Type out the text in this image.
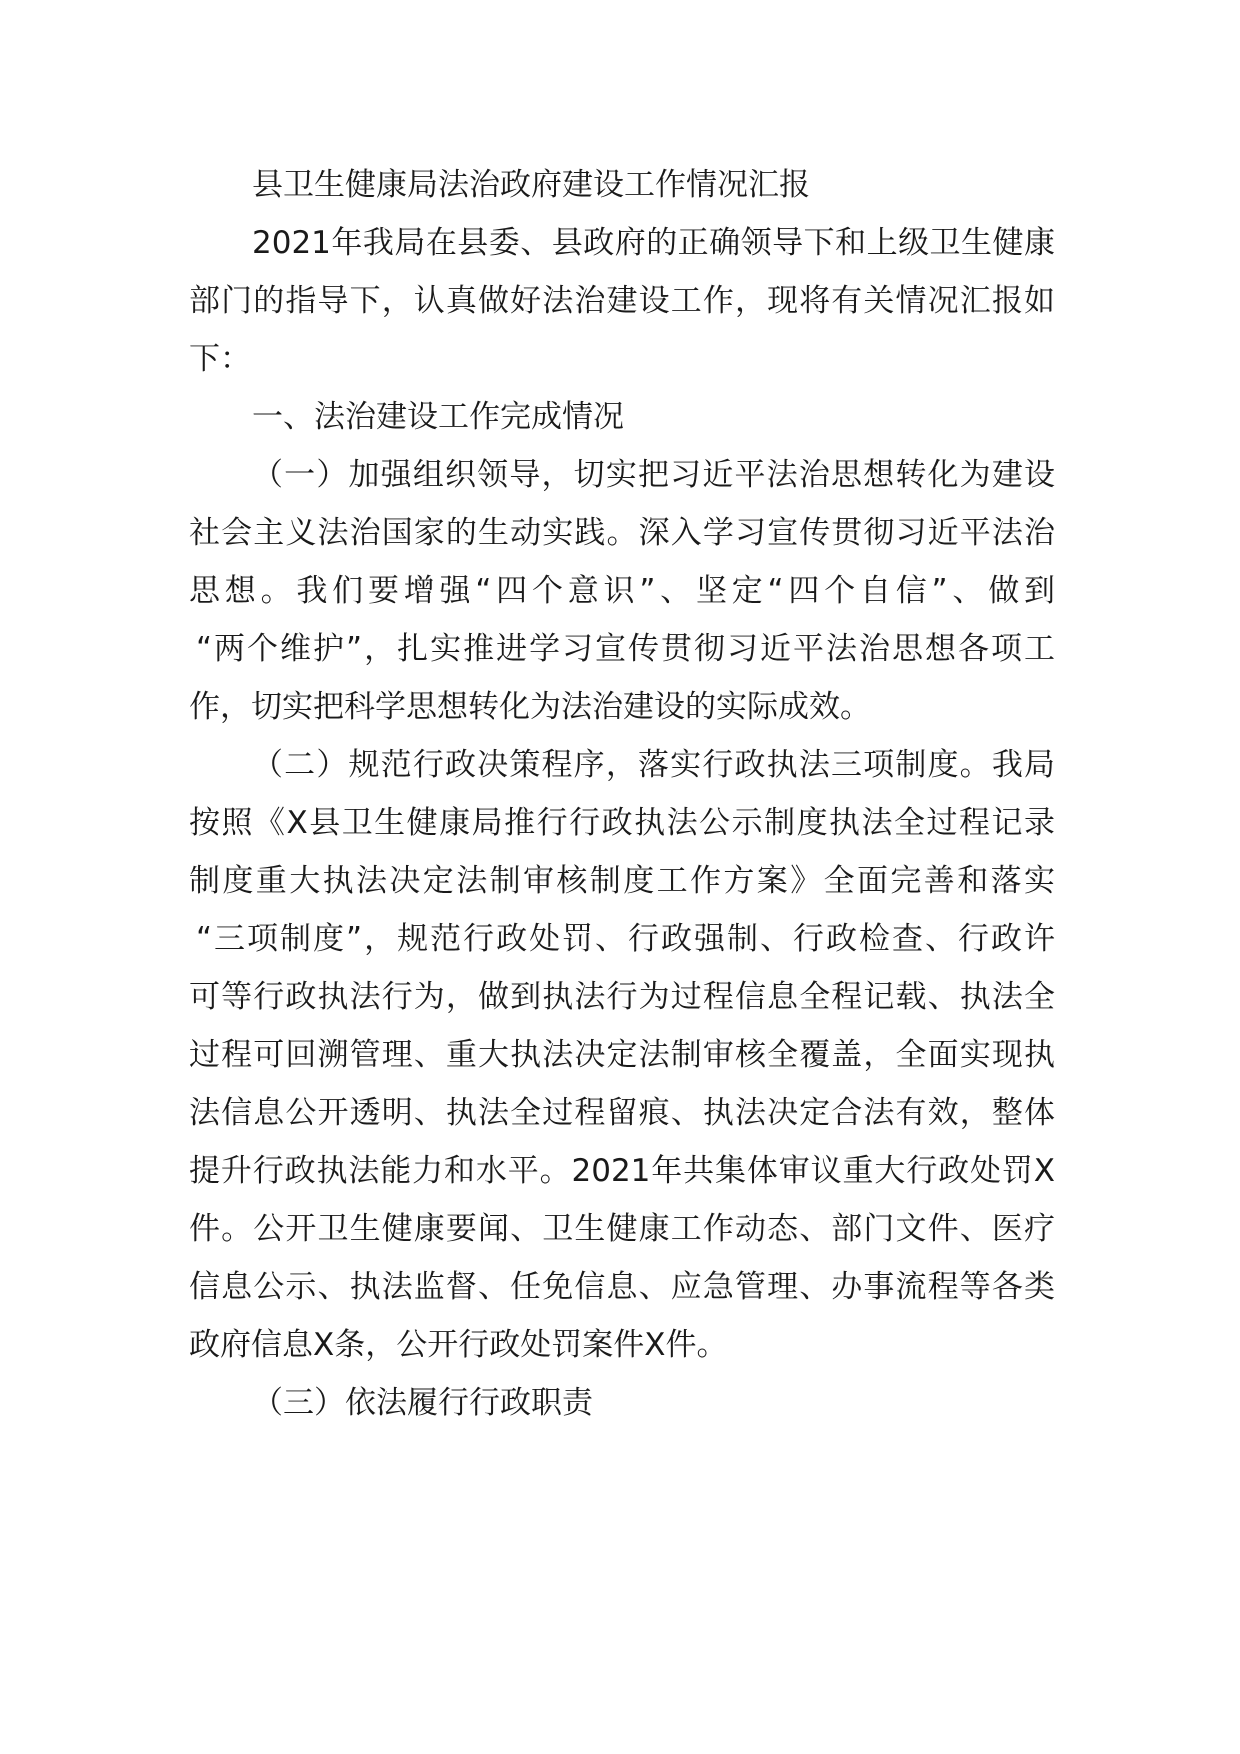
县卫生健康局法治政府建设工作情况汇报
2021年我局在县委、县政府的正确领导下和上级卫生健康
部门的指导下，认真做好法治建设工作，现将有关情况汇报如
下：
一、法治建设工作完成情况
（一）加强组织领导，切实把习近平法治思想转化为建设
社会主义法治国家的生动实践。深入学习宣传贯彻习近平法治
思想。我们要增强“四个意识”、坚定“四个自信”、做到
“两个维护”，扎实推进学习宣传贯彻习近平法治思想各项工
作，切实把科学思想转化为法治建设的实际成效。
（二）规范行政决策程序，落实行政执法三项制度。我局
按照《X县卫生健康局推行行政执法公示制度执法全过程记录
制度重大执法决定法制审核制度工作方案》全面完善和落实
“三项制度”，规范行政处罚、行政强制、行政检查、行政许
可等行政执法行为，做到执法行为过程信息全程记载、执法全
过程可回溯管理、重大执法决定法制审核全覆盖，全面实现执
法信息公开透明、执法全过程留痕、执法决定合法有效，整体
提升行政执法能力和水平。2021年共集体审议重大行政处罚X
件。公开卫生健康要闻、卫生健康工作动态、部门文件、医疗
信息公示、执法监督、任免信息、应急管理、办事流程等各类
政府信息X条，公开行政处罚案件X件。
（三）依法履行行政职责
